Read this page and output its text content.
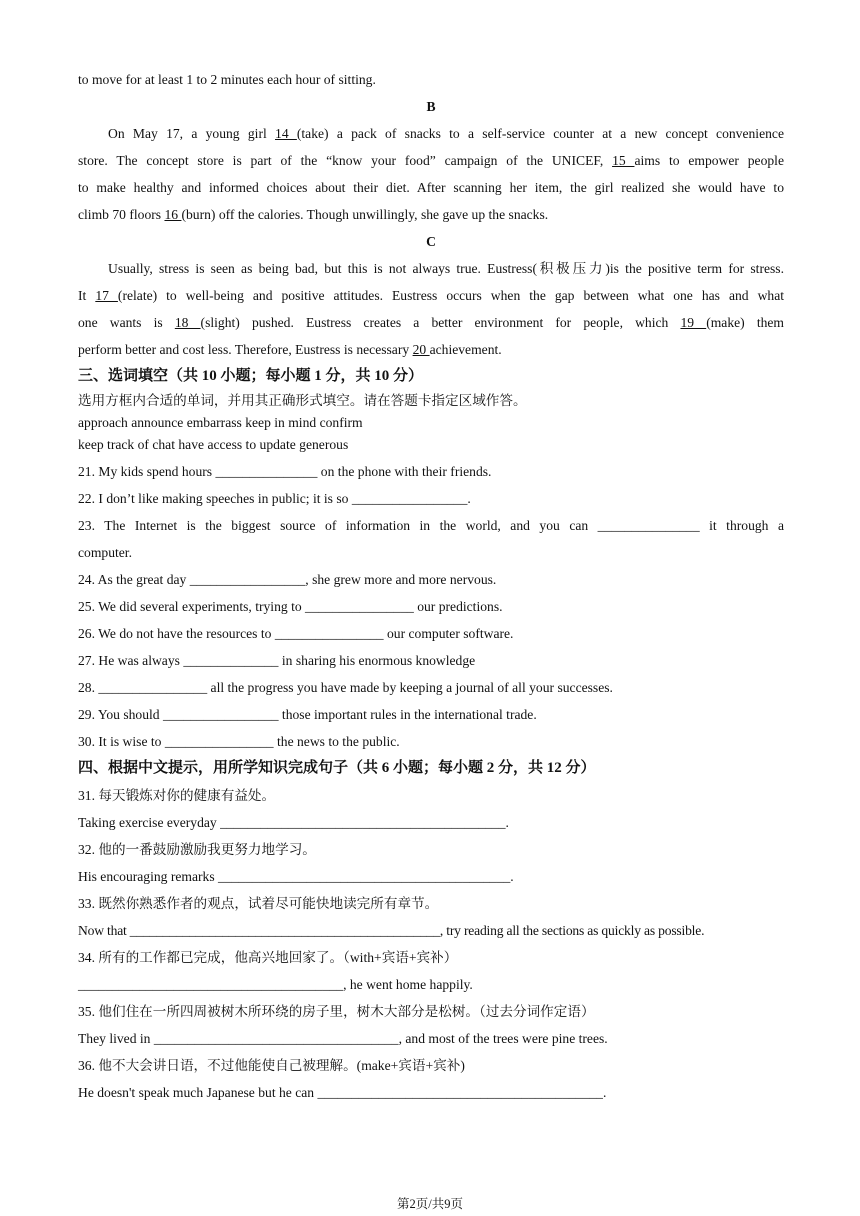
to move for at least 1 to 2 minutes each hour of sitting.
B
On May 17, a young girl 14 (take) a pack of snacks to a self-service counter at a new concept convenience
store. The concept store is part of the “know your food” campaign of the UNICEF, 15 aims to empower people
to make healthy and informed choices about their diet. After scanning her item, the girl realized she would have to
climb 70 floors 16 (burn) off the calories. Though unwillingly, she gave up the snacks.
C
Usually, stress is seen as being bad, but this is not always true. Eustress(积极压力)is the positive term for stress.
It 17 (relate) to well-being and positive attitudes. Eustress occurs when the gap between what one has and what
one wants is 18 (slight) pushed. Eustress creates a better environment for people, which 19 (make) them
perform better and cost less. Therefore, Eustress is necessary 20 achievement.
三、选词填空（共 10 小题；每小题 1 分，共 10 分）
选用方框内合适的单词，并用其正确形式填空。请在答题卡指定区域作答。
approach announce embarrass keep in mind confirm
keep track of chat have access to update generous
21. My kids spend hours _______________ on the phone with their friends.
22. I don’t like making speeches in public; it is so _________________.
23. The Internet is the biggest source of information in the world, and you can _______________ it through a
computer.
24. As the great day _________________, she grew more and more nervous.
25. We did several experiments, trying to ________________ our predictions.
26. We do not have the resources to ________________ our computer software.
27. He was always ______________ in sharing his enormous knowledge
28. ________________ all the progress you have made by keeping a journal of all your successes.
29. You should _________________ those important rules in the international trade.
30. It is wise to ________________ the news to the public.
四、根据中文提示，用所学知识完成句子（共 6 小题；每小题 2 分，共 12 分）
31. 每天锻炼对你的健康有益处。
Taking exercise everyday __________________________________________.
32. 他的一番鼓励激励我更努力地学习。
His encouraging remarks ___________________________________________.
33. 既然你熟悉作者的观点，试着尽可能快地读完所有章节。
Now that _______________________________________________, try reading all the sections as quickly as possible.
34. 所有的工作都已完成，他高兴地回家了。（with+宾语+宾补）
_______________________________________, he went home happily.
35. 他们住在一所四周被树木所环绕的房子里，树木大部分是松树。（过去分词作定语）
They lived in ____________________________________, and most of the trees were pine trees.
36. 他不大会讲日语，不过他能使自己被理解。(make+宾语+宾补)
He doesn't speak much Japanese but he can __________________________________________.
第2页/共9页
